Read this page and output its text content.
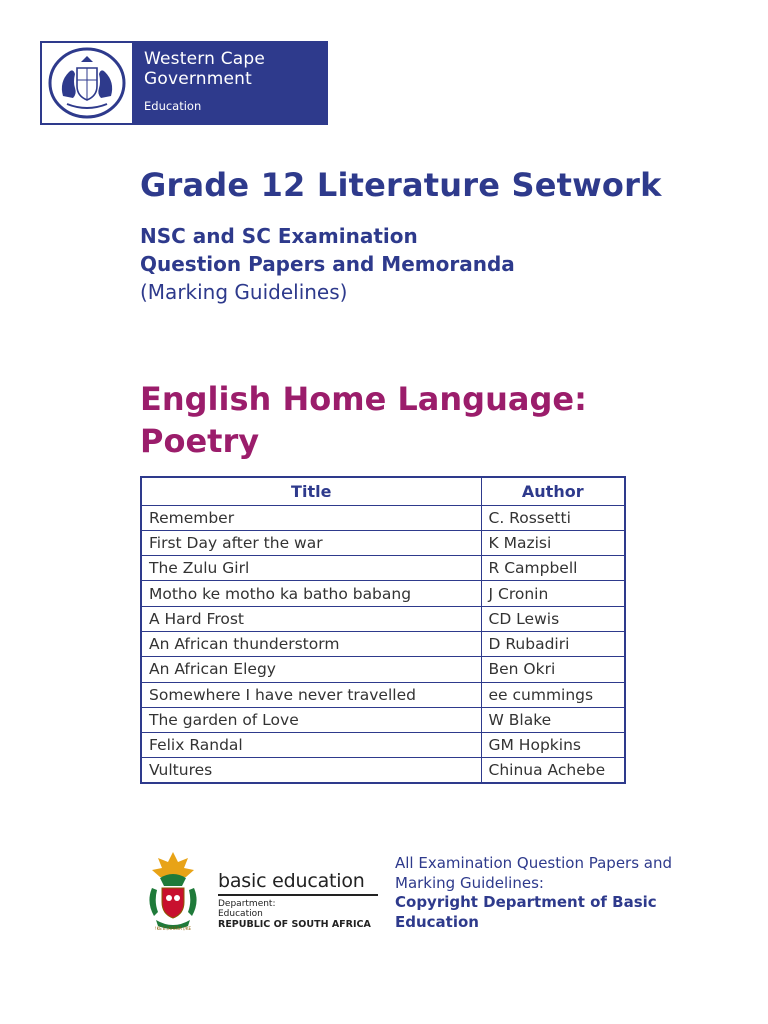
Western Cape
Government
Education
Grade 12 Literature Setwork
NSC and SC Examination
Question Papers and Memoranda
(Marking Guidelines)
English Home Language:
Poetry
Title	Author
Remember	C. Rossetti
First Day after the war	K Mazisi
The Zulu Girl	R Campbell
Motho ke motho ka batho babang	J Cronin
A Hard Frost	CD Lewis
An African thunderstorm	D Rubadiri
An African Elegy	Ben Okri
Somewhere I have never travelled	ee cummings
The garden of Love	W Blake
Felix Randal	GM Hopkins
Vultures	Chinua Achebe
!KE E:/XARRA //KE
basic education
Department:
Education
REPUBLIC OF SOUTH AFRICA
All Examination Question Papers and
Marking Guidelines:
Copyright Department of Basic
Education
